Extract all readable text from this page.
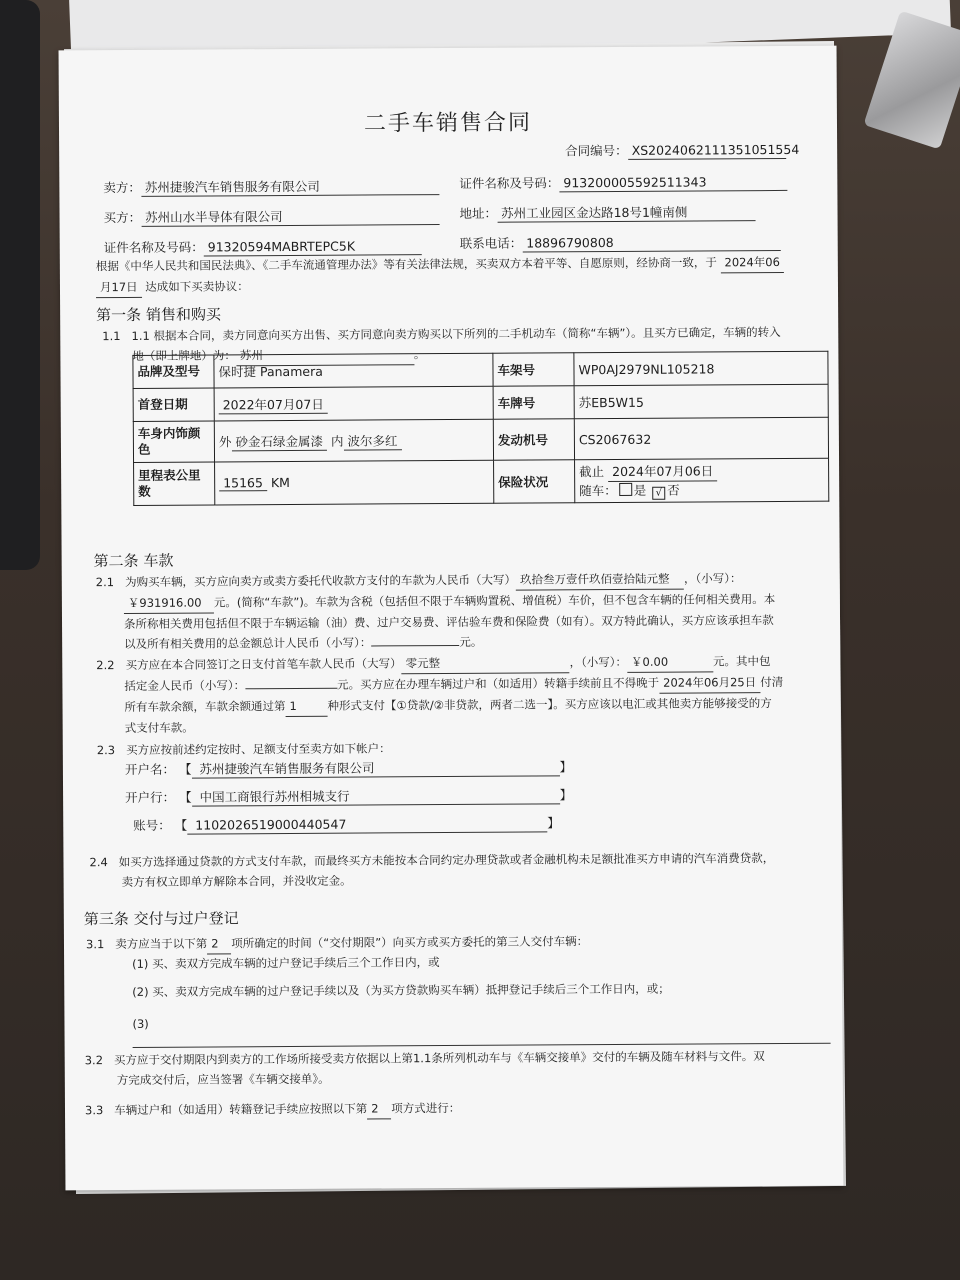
二手车销售合同
合同编号： XS2024062111351051554
卖方： 苏州捷骏汽车销售服务有限公司	证件名称及号码： 913200005592511343
买方： 苏州山水半导体有限公司	地址： 苏州工业园区金达路18号1幢南侧
证件名称及号码： 91320594MABRTEPC5K	联系电话： 18896790808
根据《中华人民共和国民法典》、《二手车流通管理办法》等有关法律法规，买卖双方本着平等、自愿原则，经协商一致，于 2024年06
月17日 达成如下买卖协议：
第一条 销售和购买
1.1 1.1 根据本合同，卖方同意向买方出售、买方同意向卖方购买以下所列的二手机动车（简称“车辆”）。且买方已确定，车辆的转入
地（即上牌地）为： 苏州	。
品牌及型号	保时捷 Panamera	车架号	WP0AJ2979NL105218
首登日期	2022年07月07日	车牌号	苏EB5W15
车身内饰颜色	外 砂金石绿金属漆 内 波尔多红	发动机号	CS2067632
里程表公里数	15165 KM	保险状况	截止 2024年07月06日
随车： 是 √ 否
第二条 车款
2.1 为购买车辆，买方应向卖方或卖方委托代收款方支付的车款为人民币（大写） 玖拾叁万壹仟玖佰壹拾陆元整 ，（小写）：
￥931916.00 元。(简称“车款”)。车款为含税（包括但不限于车辆购置税、增值税）车价，但不包含车辆的任何相关费用。本
条所称相关费用包括但不限于车辆运输（油）费、过户交易费、评估验车费和保险费（如有）。双方特此确认，买方应该承担车款
以及所有相关费用的总金额总计人民币（小写）：	元。
2.2 买方应在本合同签订之日支付首笔车款人民币（大写） 零元整	，（小写）： ￥0.00	元。其中包
括定金人民币（小写）：	元。买方应在办理车辆过户和（如适用）转籍手续前且不得晚于 2024年06月25日 付清
所有车款余额，车款余额通过第 1	种形式支付【①贷款/②非贷款，两者二选一】。买方应该以电汇或其他卖方能够接受的方
式支付车款。
2.3 买方应按前述约定按时、足额支付至卖方如下帐户：
开户名： 【 苏州捷骏汽车销售服务有限公司	】
开户行： 【 中国工商银行苏州相城支行	】
账号： 【 1102026519000440547	】
2.4 如买方选择通过贷款的方式支付车款，而最终买方未能按本合同约定办理贷款或者金融机构未足额批准买方申请的汽车消费贷款，
卖方有权立即单方解除本合同，并没收定金。
第三条 交付与过户登记
3.1 卖方应当于以下第 2 项所确定的时间（“交付期限”）向买方或买方委托的第三人交付车辆：
(1) 买、卖双方完成车辆的过户登记手续后三个工作日内，或
(2) 买、卖双方完成车辆的过户登记手续以及（为买方贷款购买车辆）抵押登记手续后三个工作日内，或；
(3)
3.2 买方应于交付期限内到卖方的工作场所接受卖方依据以上第1.1条所列机动车与《车辆交接单》交付的车辆及随车材料与文件。双
方完成交付后，应当签署《车辆交接单》。
3.3 车辆过户和（如适用）转籍登记手续应按照以下第 2 项方式进行：
